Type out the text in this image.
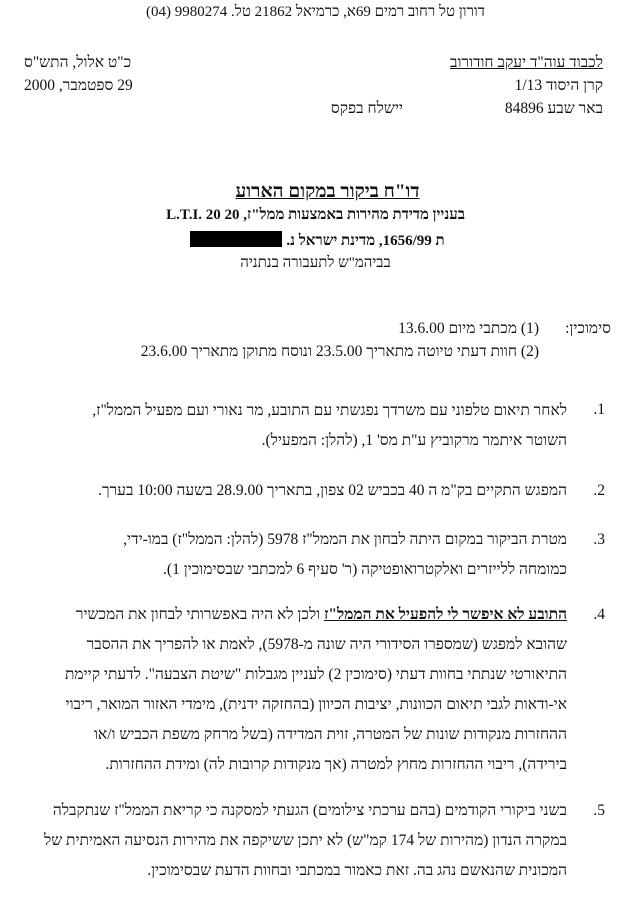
דורון טל רחוב רמים 69א, כרמיאל 21862 טל. 9980274 (04)
לכבוד עוה"ד יעקב חודורוב
קרן היסוד 1/13
באר שבע 84896
יישלח בפקס
כ"ט אלול, התש"ס
29 ספטמבר, 2000
דו"ח ביקור במקום הארוע
בעניין מדידת מהירות באמצעות ממל"ז, 20 L.T.I. 20
ת 1656/99, מדינת ישראל נ.
בביהמ"ש לתעבורה בנתניה
סימוכין:
(1) מכתבי מיום 13.6.00
(2) חוות דעתי טיוטה מתאריך 23.5.00 ונוסח מתוקן מתאריך 23.6.00
1.
לאחר תיאום טלפוני עם משרדך נפגשתי עם התובע, מר נאורי ועם מפעיל הממל"ז,
השוטר איתמר מרקוביץ ע"ת מס' 1, (להלן: המפעיל).
2.
המפגש התקיים בק"מ ה 40 בכביש 02 צפון, בתאריך 28.9.00 בשעה 10:00 בערך.
3.
מטרת הביקור במקום היתה לבחון את הממל"ז 5978 (להלן: הממל"ז) במו-ידי,
כמומחה ללייזרים ואלקטרואופטיקה (ר' סעיף 6 למכתבי שבסימוכין 1).
4.
התובע לא איפשר לי להפעיל את הממל"ז ולכן לא היה באפשרותי לבחון את המכשיר
שהובא למפגש (שמספרו הסידורי היה שונה מ-5978), לאמת או להפריך את ההסבר
התיאורטי שנתתי בחוות דעתי (סימוכין 2) לעניין מגבלות "שיטת הצבעה". לדעתי קיימת
אי-ודאות לגבי תיאום הכוונות, יציבות הכיוון (בהחזקה ידנית), מימדי האזור המואר, ריבוי
ההחזרות מנקודות שונות של המטרה, זוית המדידה (בשל מרחק משפת הכביש ו/או
בירידה), ריבוי ההחזרות מחוץ למטרה (אך מנקודות קרובות לה) ומידת ההחזרות.
5.
בשני ביקורי הקודמים (בהם ערכתי צילומים) הגעתי למסקנה כי קריאת הממל"ז שנתקבלה
במקרה הנדון (מהירות של 174 קמ"ש) לא יתכן ששיקפה את מהירות הנסיעה האמיתית של
המכונית שהנאשם נהג בה. זאת כאמור במכתבי ובחוות הדעת שבסימוכין.
